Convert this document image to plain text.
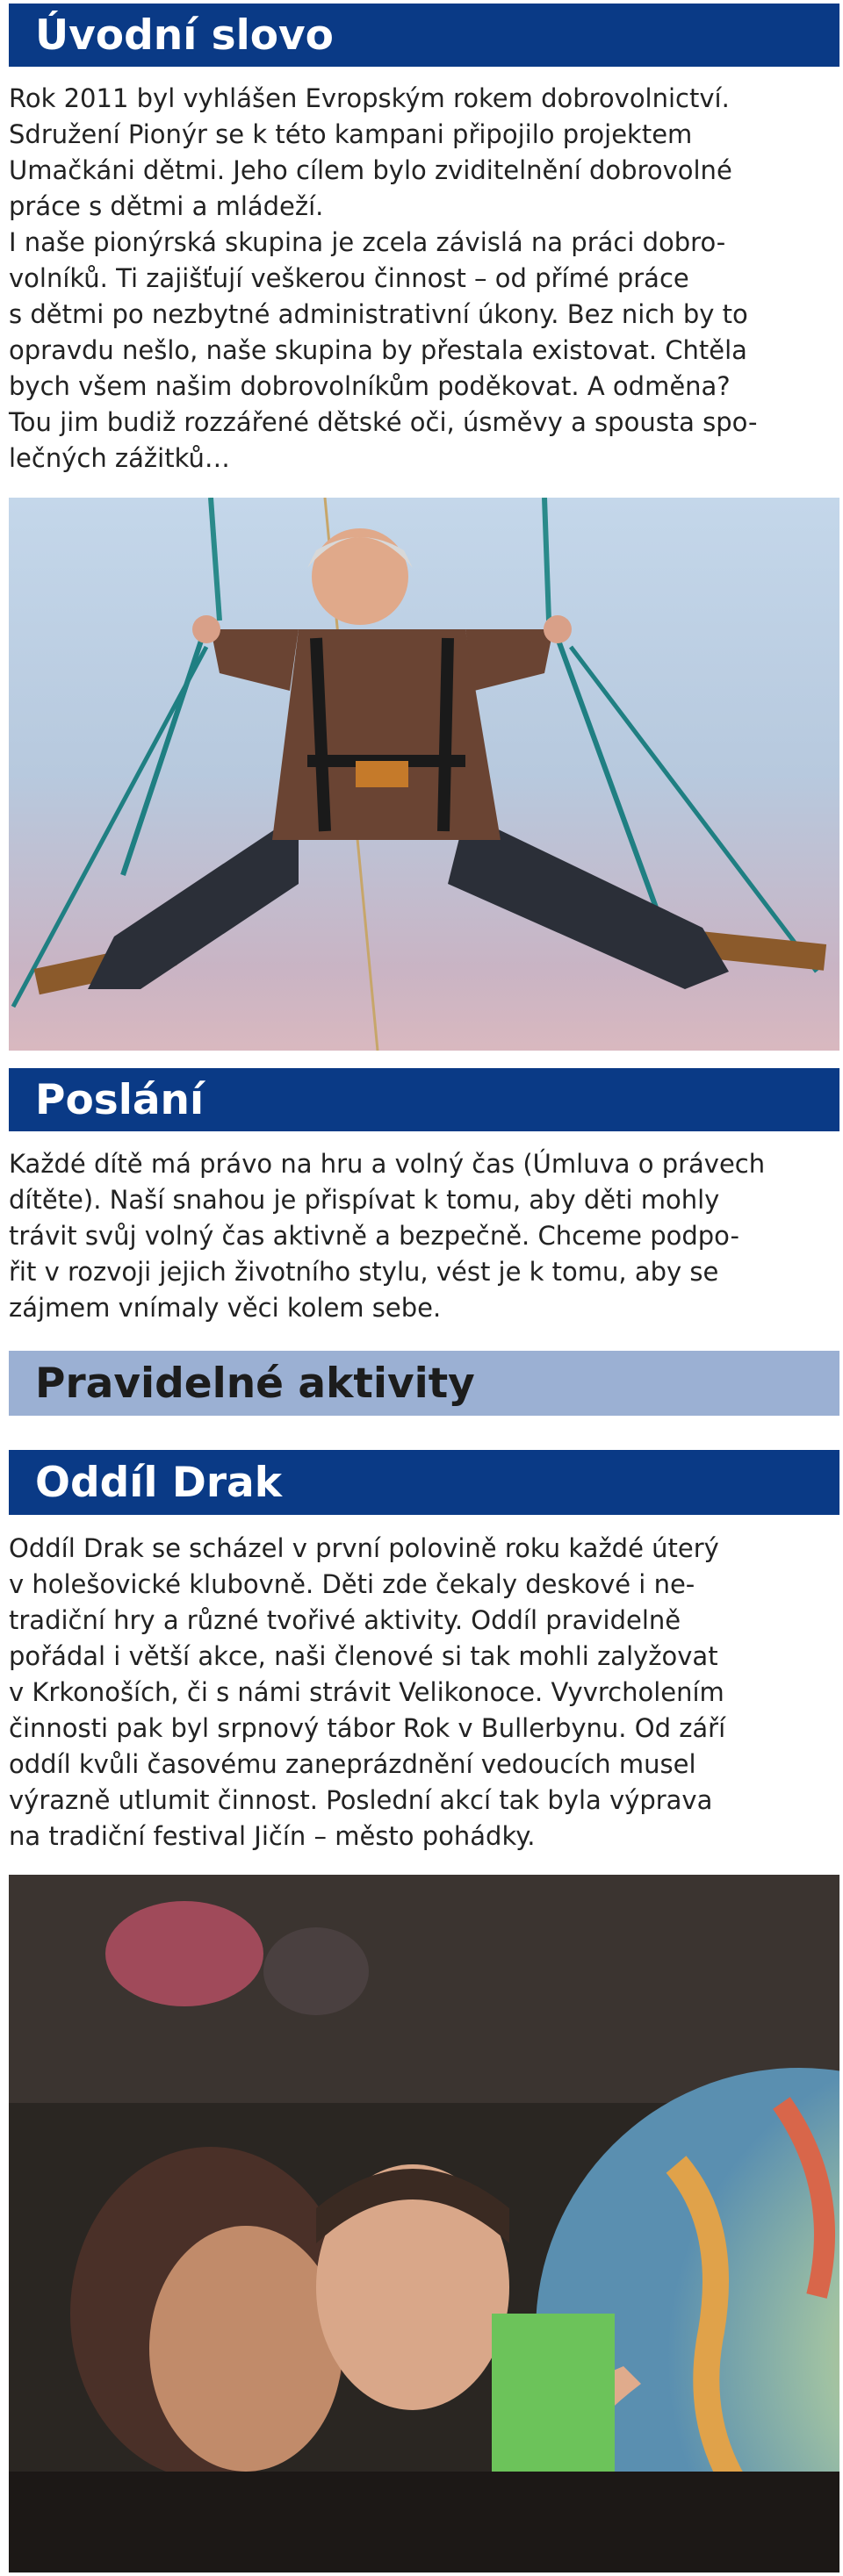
Úvodní slovo

Rok 2011 byl vyhlášen Evropským rokem dobrovolnictví.
Sdružení Pionýr se k této kampani připojilo projektem
Umačkáni dětmi. Jeho cílem bylo zviditelnění dobrovolné
práce s dětmi a mládeží.
I naše pionýrská skupina je zcela závislá na práci dobro-
volníků. Ti zajišťují veškerou činnost – od přímé práce
s dětmi po nezbytné administrativní úkony. Bez nich by to
opravdu nešlo, naše skupina by přestala existovat. Chtěla
bych všem našim dobrovolníkům poděkovat. A odměna?
Tou jim budiž rozzářené dětské oči, úsměvy a spousta spo-
lečných zážitků…

Poslání

Každé dítě má právo na hru a volný čas (Úmluva o právech
dítěte). Naší snahou je přispívat k tomu, aby děti mohly
trávit svůj volný čas aktivně a bezpečně. Chceme podpo-
řit v rozvoji jejich životního stylu, vést je k tomu, aby se
zájmem vnímaly věci kolem sebe.

Pravidelné aktivity
Oddíl Drak

Oddíl Drak se scházel v první polovině roku každé úterý
v holešovické klubovně. Děti zde čekaly deskové i ne-
tradiční hry a různé tvořivé aktivity. Oddíl pravidelně
pořádal i větší akce, naši členové si tak mohli zalyžovat
v Krkonoších, či s námi strávit Velikonoce. Vyvrcholením
činnosti pak byl srpnový tábor Rok v Bullerbynu. Od září
oddíl kvůli časovému zaneprázdnění vedoucích musel
výrazně utlumit činnost. Poslední akcí tak byla výprava
na tradiční festival Jičín – město pohádky.
